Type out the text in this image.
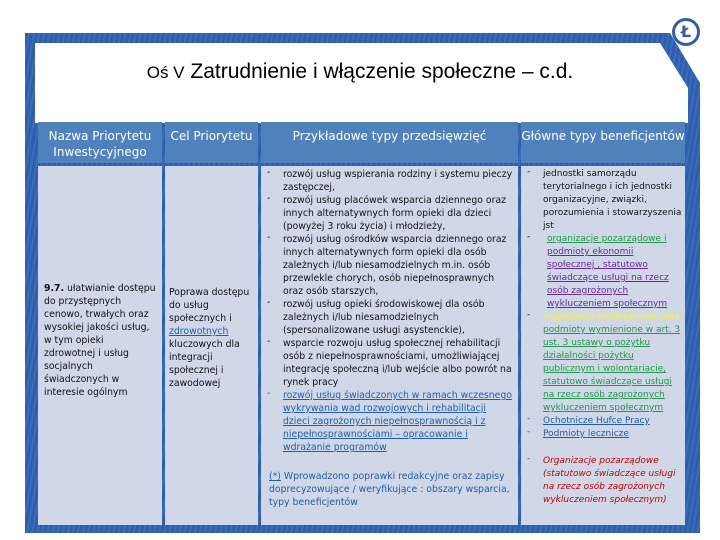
Ł
Oś V Zatrudnienie i włączenie społeczne – c.d.
Nazwa Priorytetu Inwestycyjnego
Cel Priorytetu	Przykładowe typy przedsięwzięć	Główne typy beneficjentów
9.7. ułatwianie dostępu do przystępnych cenowo, trwałych oraz wysokiej jakości usług, w tym opieki zdrowotnej i usług socjalnych świadczonych w interesie ogólnym
Poprawa dostępu do usług społecznych i zdrowotnych kluczowych dla integracji społecznej i zawodowej
- rozwój usług wspierania rodziny i systemu pieczy zastępczej,
- rozwój usług placówek wsparcia dziennego oraz innych alternatywnych form opieki dla dzieci (powyżej 3 roku życia) i młodzieży,
- rozwój usług ośrodków wsparcia dziennego oraz innych alternatywnych form opieki dla osób zależnych i/lub niesamodzielnych m.in. osób przewlekle chorych, osób niepełnosprawnych oraz osób starszych,
- rozwój usług opieki środowiskowej dla osób zależnych i/lub niesamodzielnych (spersonalizowane usługi asystenckie),
- wsparcie rozwoju usług społecznej rehabilitacji osób z niepełnosprawnościami, umożliwiającej integrację społeczną i/lub wejście albo powrót na rynek pracy
- rozwój usług świadczonych w ramach wczesnego wykrywania wad rozwojowych i rehabilitacji dzieci zagrożonych niepełnosprawnością i z niepełnosprawnościami – opracowanie i wdrażanie programów
(*) Wprowadzono poprawki redakcyjne oraz zapisy doprecyzowujące / weryfikujące : obszary wsparcia, typy beneficjentów
- jednostki samorządu terytorialnego i ich jednostki organizacyjne, związki, porozumienia i stowarzyszenia jst
- organizacje pozarządowe i podmioty ekonomii społecznej , statutowo świadczące usługi na rzecz osób zagrożonych wykluczeniem społecznym
- organizacje pozarządowe oraz podmioty wymienione w art. 3 ust. 3 ustawy o pożytku działalności pożytku publicznym i wolontariacie, statutowo świadczące usługi na rzecz osób zagrożonych wykluczeniem społecznym
- Ochotnicze Hufce Pracy
- Podmioty lecznicze
- Organizacje pozarządowe (statutowo świadczące usługi na rzecz osób zagrożonych wykluczeniem społecznym)
